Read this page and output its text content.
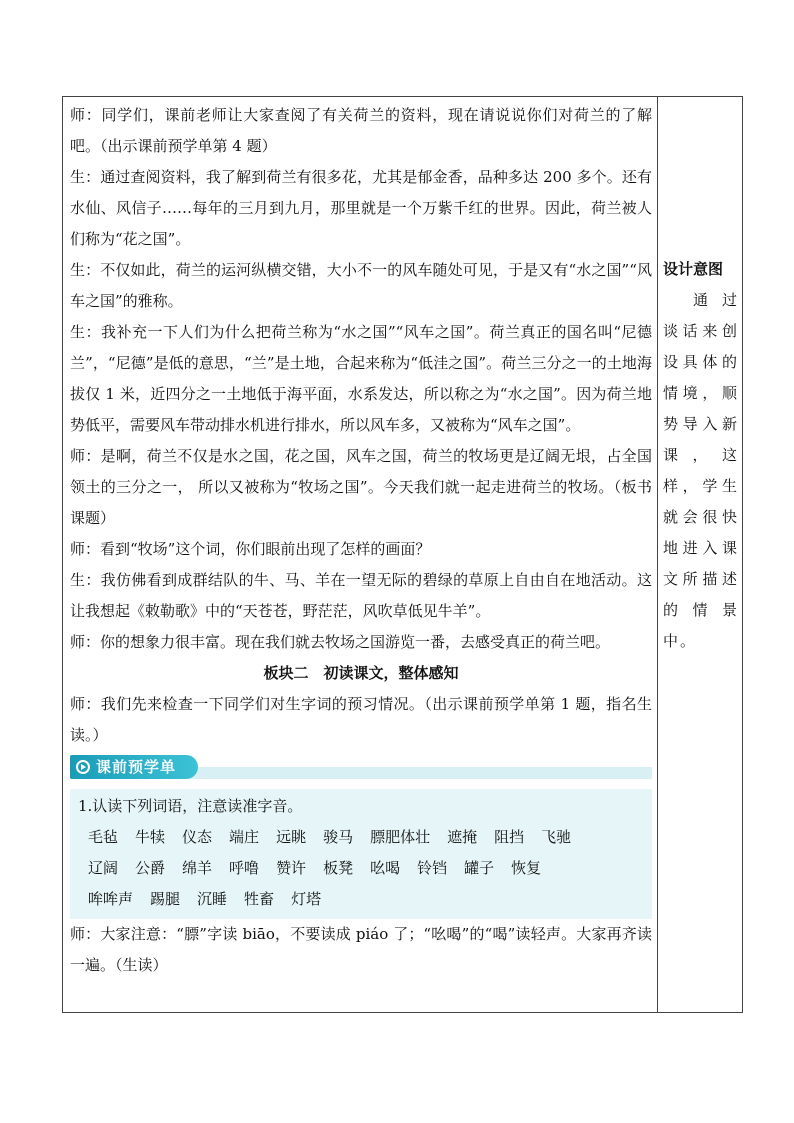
师：同学们，课前老师让大家查阅了有关荷兰的资料，现在请说说你们对荷兰的了解吧。（出示课前预学单第 4 题）

生：通过查阅资料，我了解到荷兰有很多花，尤其是郁金香，品种多达 200 多个。还有水仙、风信子……每年的三月到九月，那里就是一个万紫千红的世界。因此，荷兰被人们称为“花之国”。

生：不仅如此，荷兰的运河纵横交错，大小不一的风车随处可见，于是又有“水之国”“风车之国”的雅称。

生：我补充一下人们为什么把荷兰称为“水之国”“风车之国”。荷兰真正的国名叫“尼德兰”，“尼德”是低的意思，“兰”是土地，合起来称为“低洼之国”。荷兰三分之一的土地海拔仅 1 米，近四分之一土地低于海平面，水系发达，所以称之为“水之国”。因为荷兰地势低平，需要风车带动排水机进行排水，所以风车多，又被称为“风车之国”。

师：是啊，荷兰不仅是水之国，花之国，风车之国，荷兰的牧场更是辽阔无垠，占全国领土的三分之一， 所以又被称为“牧场之国”。今天我们就一起走进荷兰的牧场。（板书课题）

师：看到“牧场”这个词，你们眼前出现了怎样的画面？

生：我仿佛看到成群结队的牛、马、羊在一望无际的碧绿的草原上自由自在地活动。这让我想起《敕勒歌》中的“天苍苍，野茫茫，风吹草低见牛羊”。

师：你的想象力很丰富。现在我们就去牧场之国游览一番，去感受真正的荷兰吧。

板块二　初读课文，整体感知

师：我们先来检查一下同学们对生字词的预习情况。（出示课前预学单第 1 题，指名生读。）

课前预学单
1.认读下列词语，注意读准字音。
毛毡 牛犊 仪态 端庄 远眺 骏马 膘肥体壮 遮掩 阻挡 飞驰
辽阔 公爵 绵羊 呼噜 赞许 板凳 吆喝 铃铛 罐子 恢复
哞哞声 踢腿 沉睡 牲畜 灯塔

师：大家注意：“膘”字读 biāo，不要读成 piáo 了；“吆喝”的“喝”读轻声。大家再齐读一遍。（生读）

设计意图

通过谈话来创设具体的情境，顺势导入新课，这样，学生就会很快地进入课文所描述的情景中。
